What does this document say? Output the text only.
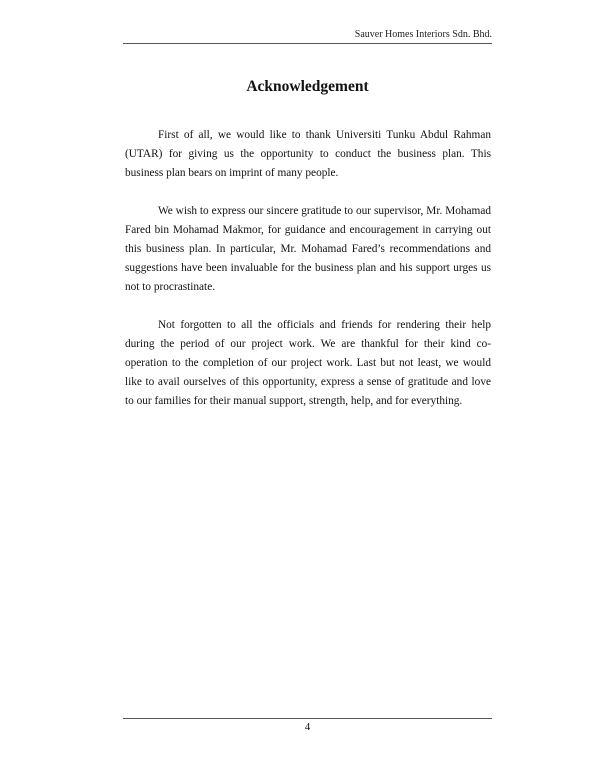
Sauver Homes Interiors Sdn. Bhd.
Acknowledgement

First of all, we would like to thank Universiti Tunku Abdul Rahman (UTAR) for giving us the opportunity to conduct the business plan. This business plan bears on imprint of many people.

We wish to express our sincere gratitude to our supervisor, Mr. Mohamad Fared bin Mohamad Makmor, for guidance and encouragement in carrying out this business plan. In particular, Mr. Mohamad Fared’s recommendations and suggestions have been invaluable for the business plan and his support urges us not to procrastinate.

Not forgotten to all the officials and friends for rendering their help during the period of our project work. We are thankful for their kind co-operation to the completion of our project work. Last but not least, we would like to avail ourselves of this opportunity, express a sense of gratitude and love to our families for their manual support, strength, help, and for everything.

4
